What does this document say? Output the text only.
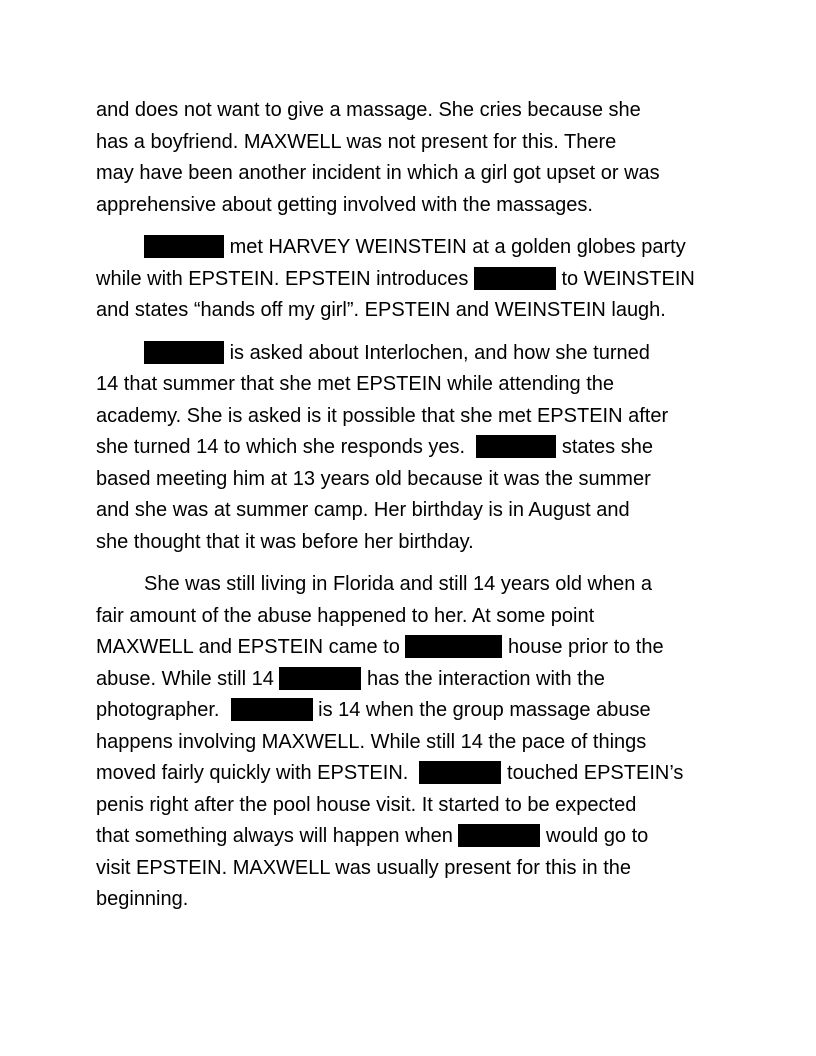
and does not want to give a massage. She cries because she
has a boyfriend. MAXWELL was not present for this. There
may have been another incident in which a girl got upset or was
apprehensive about getting involved with the massages.
met HARVEY WEINSTEIN at a golden globes party
while with EPSTEIN. EPSTEIN introduces	to WEINSTEIN
and states “hands off my girl”. EPSTEIN and WEINSTEIN laugh.
is asked about Interlochen, and how she turned
14 that summer that she met EPSTEIN while attending the
academy. She is asked is it possible that she met EPSTEIN after
she turned 14 to which she responds yes.	states she
based meeting him at 13 years old because it was the summer
and she was at summer camp. Her birthday is in August and
she thought that it was before her birthday.
She was still living in Florida and still 14 years old when a
fair amount of the abuse happened to her. At some point
MAXWELL and EPSTEIN came to	house prior to the
abuse. While still 14	has the interaction with the
photographer.	is 14 when the group massage abuse
happens involving MAXWELL. While still 14 the pace of things
moved fairly quickly with EPSTEIN.	touched EPSTEIN’s
penis right after the pool house visit. It started to be expected
that something always will happen when	would go to
visit EPSTEIN. MAXWELL was usually present for this in the
beginning.
